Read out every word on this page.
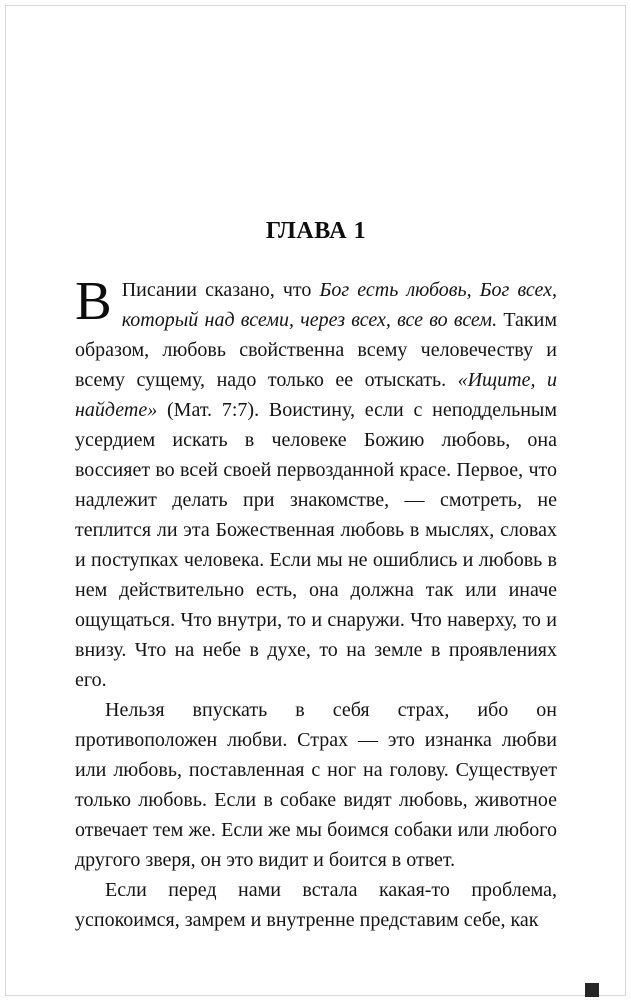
ГЛАВА 1

В Писании сказано, что Бог есть любовь, Бог всех, который над всеми, через всех, все во всем. Таким образом, любовь свойственна всему человечеству и всему сущему, надо только ее отыскать. «Ищите, и найдете» (Мат. 7:7). Воистину, если с неподдельным усердием искать в человеке Божию любовь, она воссияет во всей своей первозданной красе. Первое, что надлежит делать при знакомстве, — смотреть, не теплится ли эта Божественная любовь в мыслях, словах и поступках человека. Если мы не ошиблись и любовь в нем действительно есть, она должна так или иначе ощущаться. Что внутри, то и снаружи. Что наверху, то и внизу. Что на небе в духе, то на земле в проявлениях его.

Нельзя впускать в себя страх, ибо он противоположен любви. Страх — это изнанка любви или любовь, поставленная с ног на голову. Существует только любовь. Если в собаке видят любовь, животное отвечает тем же. Если же мы боимся собаки или любого другого зверя, он это видит и боится в ответ.

Если перед нами встала какая-то проблема, успокоимся, замрем и внутренне представим себе, как
